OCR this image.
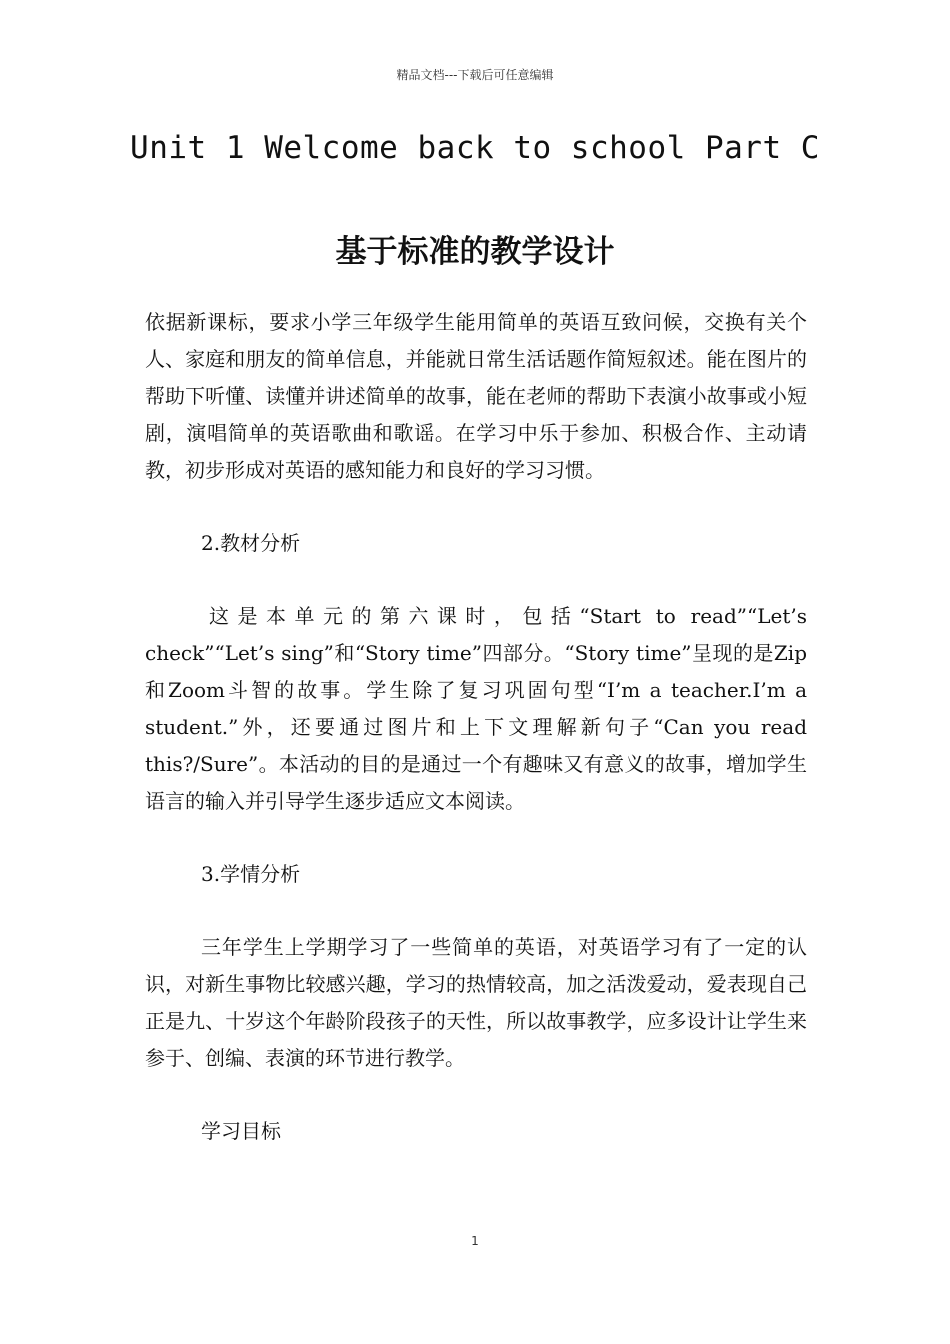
精品文档---下载后可任意编辑
Unit 1 Welcome back to school Part C
基于标准的教学设计

依据新课标，要求小学三年级学生能用简单的英语互致问候，交换有关个人、家庭和朋友的简单信息，并能就日常生活话题作简短叙述。能在图片的帮助下听懂、读懂并讲述简单的故事，能在老师的帮助下表演小故事或小短剧，演唱简单的英语歌曲和歌谣。在学习中乐于参加、积极合作、主动请教，初步形成对英语的感知能力和良好的学习习惯。

2.教材分析

这是本单元的第六课时，包括“Start to read”“Let’s check”“Let’s sing”和“Story time”四部分。“Story time”呈现的是Zip和Zoom斗智的故事。学生除了复习巩固句型“I’m a teacher.I’m a student.”外，还要通过图片和上下文理解新句子“Can you read this?/Sure”。本活动的目的是通过一个有趣味又有意义的故事，增加学生语言的输入并引导学生逐步适应文本阅读。

3.学情分析

三年学生上学期学习了一些简单的英语，对英语学习有了一定的认识，对新生事物比较感兴趣，学习的热情较高，加之活泼爱动，爱表现自己正是九、十岁这个年龄阶段孩子的天性，所以故事教学，应多设计让学生来参于、创编、表演的环节进行教学。

学习目标

1
